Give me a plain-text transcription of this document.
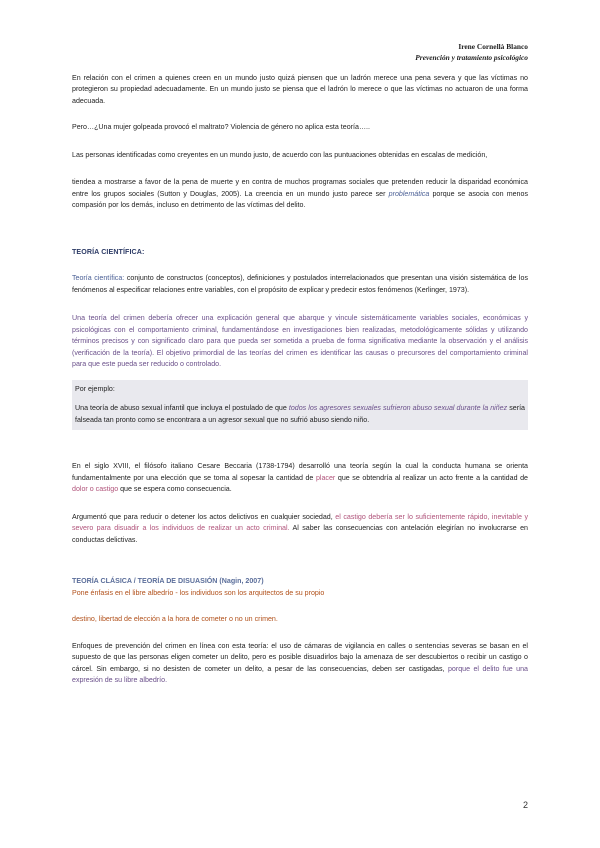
Irene Cornellà Blanco
Prevención y tratamiento psicológico

En relación con el crimen a quienes creen en un mundo justo quizá piensen que un ladrón merece una pena severa y que las víctimas no protegieron su propiedad adecuadamente. En un mundo justo se piensa que el ladrón lo merece o que las víctimas no actuaron de una forma adecuada.

Pero…¿Una mujer golpeada provocó el maltrato? Violencia de género no aplica esta teoría…..

Las personas identificadas como creyentes en un mundo justo, de acuerdo con las puntuaciones obtenidas en escalas de medición,

tiendea a mostrarse a favor de la pena de muerte y en contra de muchos programas sociales que pretenden reducir la disparidad económica entre los grupos sociales (Sutton y Douglas, 2005). La creencia en un mundo justo parece ser problemática porque se asocia con menos compasión por los demás, incluso en detrimento de las víctimas del delito.

TEORÍA CIENTÍFICA:

Teoría científica: conjunto de constructos (conceptos), definiciones y postulados interrelacionados que presentan una visión sistemática de los fenómenos al especificar relaciones entre variables, con el propósito de explicar y predecir estos fenómenos (Kerlinger, 1973).

Una teoría del crimen debería ofrecer una explicación general que abarque y vincule sistemáticamente variables sociales, económicas y psicológicas con el comportamiento criminal, fundamentándose en investigaciones bien realizadas, metodológicamente sólidas y utilizando términos precisos y con significado claro para que pueda ser sometida a prueba de forma significativa mediante la observación y el análisis (verificación de la teoría). El objetivo primordial de las teorías del crimen es identificar las causas o precursores del comportamiento criminal para que este pueda ser reducido o controlado.

Por ejemplo:

Una teoría de abuso sexual infantil que incluya el postulado de que todos los agresores sexuales sufrieron abuso sexual durante la niñez sería falseada tan pronto como se encontrara a un agresor sexual que no sufrió abuso siendo niño.

En el siglo XVIII, el filósofo italiano Cesare Beccaria (1738-1794) desarrolló una teoría según la cual la conducta humana se orienta fundamentalmente por una elección que se toma al sopesar la cantidad de placer que se obtendría al realizar un acto frente a la cantidad de dolor o castigo que se espera como consecuencia.

Argumentó que para reducir o detener los actos delictivos en cualquier sociedad, el castigo debería ser lo suficientemente rápido, inevitable y severo para disuadir a los individuos de realizar un acto criminal. Al saber las consecuencias con antelación elegirían no involucrarse en conductas delictivas.

TEORÍA CLÁSICA / TEORÍA DE DISUASIÓN (Nagin, 2007)

Pone énfasis en el libre albedrío - los individuos son los arquitectos de su propio

destino, libertad de elección a la hora de cometer o no un crimen.

Enfoques de prevención del crimen en línea con esta teoría: el uso de cámaras de vigilancia en calles o sentencias severas se basan en el supuesto de que las personas eligen cometer un delito, pero es posible disuadirlos bajo la amenaza de ser descubiertos o recibir un castigo o cárcel. Sin embargo, si no desisten de cometer un delito, a pesar de las consecuencias, deben ser castigadas, porque el delito fue una expresión de su libre albedrío.

2
